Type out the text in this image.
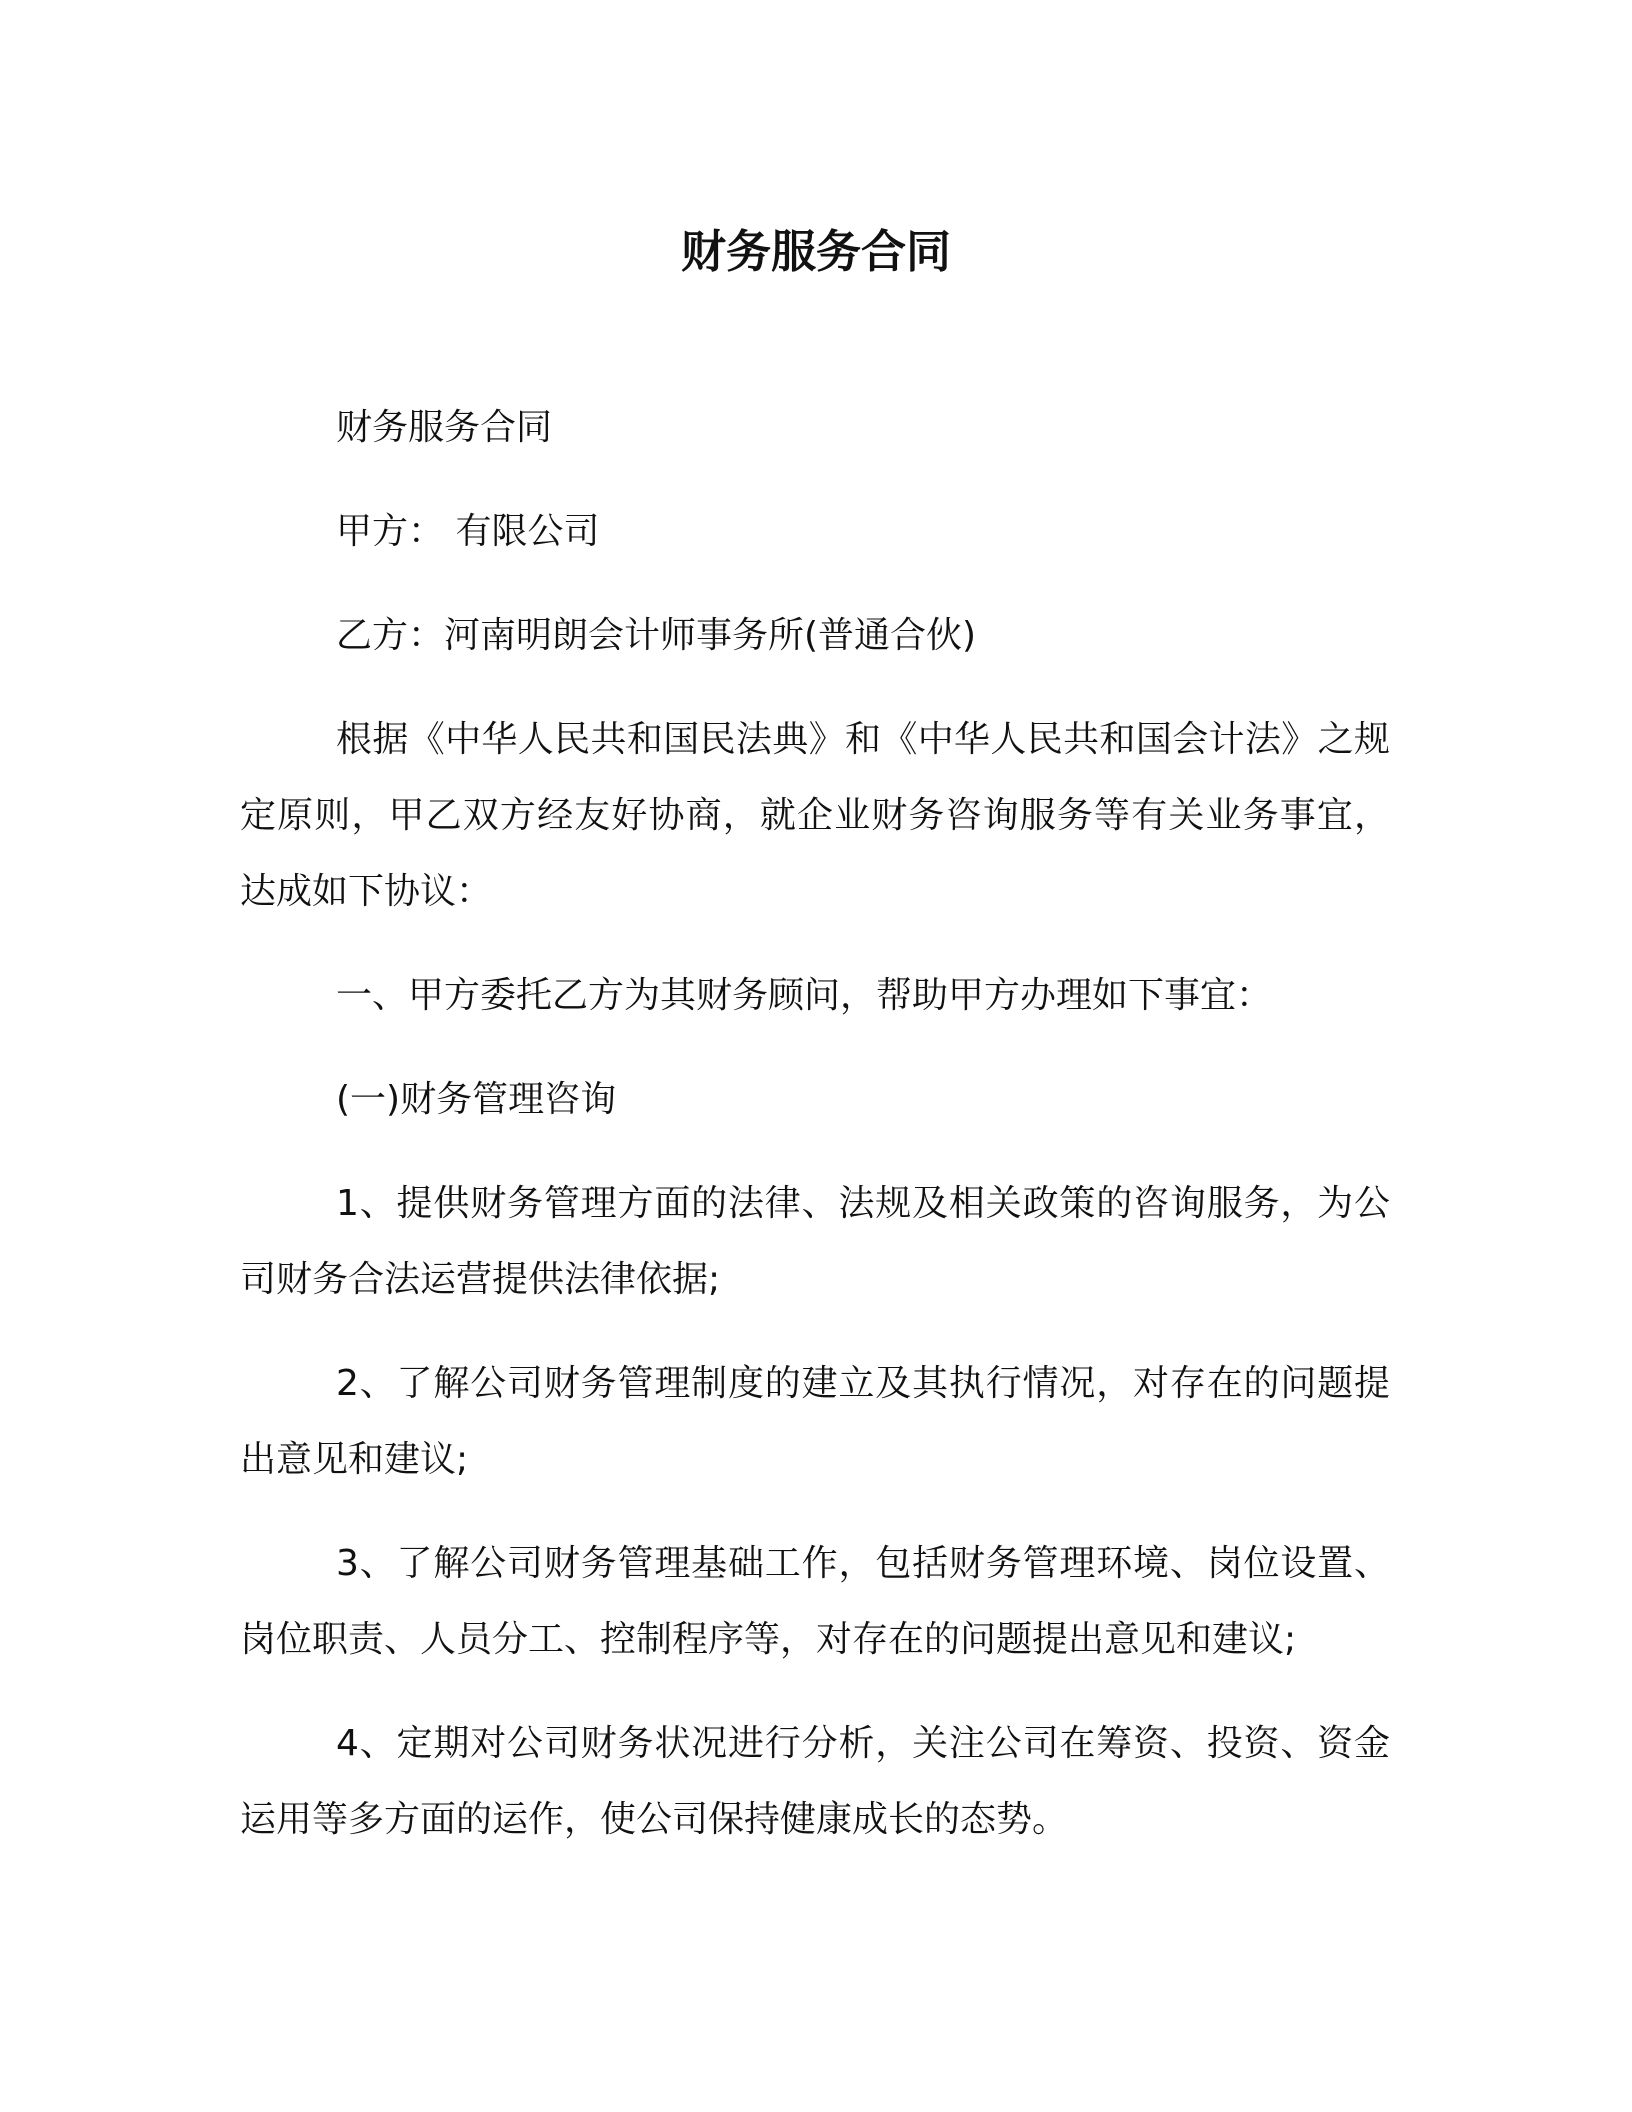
财务服务合同

财务服务合同

甲方： 有限公司

乙方：河南明朗会计师事务所(普通合伙)

根据《中华人民共和国民法典》和《中华人民共和国会计法》之规定原则，甲乙双方经友好协商，就企业财务咨询服务等有关业务事宜，达成如下协议：

一、甲方委托乙方为其财务顾问，帮助甲方办理如下事宜：

(一)财务管理咨询

1、提供财务管理方面的法律、法规及相关政策的咨询服务，为公司财务合法运营提供法律依据;

2、了解公司财务管理制度的建立及其执行情况，对存在的问题提出意见和建议;

3、了解公司财务管理基础工作，包括财务管理环境、岗位设置、岗位职责、人员分工、控制程序等，对存在的问题提出意见和建议;

4、定期对公司财务状况进行分析，关注公司在筹资、投资、资金运用等多方面的运作，使公司保持健康成长的态势。
